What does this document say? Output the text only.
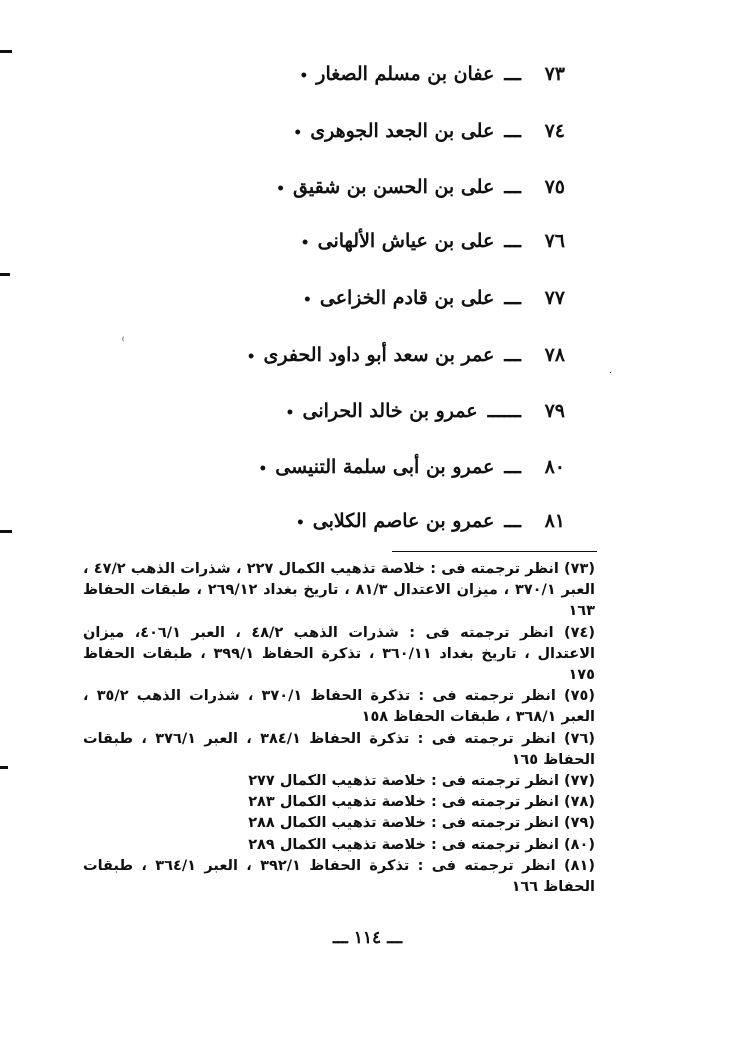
٧٣ـــعفان بن مسلم الصغار•
٧٤ـــعلى بن الجعد الجوهرى•
٧٥ـــعلى بن الحسن بن شقيق•
٧٦ـــعلى بن عياش الألهانى•
٧٧ـــعلى بن قادم الخزاعى•
٧٨ـــعمر بن سعد أبو داود الحفرى•
٧٩ــــــعمرو بن خالد الحرانى•
٨٠ـــعمرو بن أبى سلمة التنيسى•
٨١ـــعمرو بن عاصم الكلابى•
⁽
·

(٧٣) انظر ترجمته فى : خلاصة تذهيب الكمال ٢٢٧ ، شذرات الذهب ٤٧/٢ ، العبر ٣٧٠/١ ، ميزان الاعتدال ٨١/٣ ، تاريخ بغداد ٢٦٩/١٢ ، طبقات الحفاظ ١٦٣

(٧٤) انظر ترجمته فى : شذرات الذهب ٤٨/٢ ، العبر ٤٠٦/١، ميزان الاعتدال ، تاريخ بغداد ٣٦٠/١١ ، تذكرة الحفاظ ٣٩٩/١ ، طبقات الحفاظ ١٧٥

(٧٥) انظر ترجمته فى : تذكرة الحفاظ ٣٧٠/١ ، شذرات الذهب ٣٥/٢ ، العبر ٣٦٨/١ ، طبقات الحفاظ ١٥٨

(٧٦) انظر ترجمته فى : تذكرة الحفاظ ٣٨٤/١ ، العبر ٣٧٦/١ ، طبقات الحفاظ ١٦٥

(٧٧) انظر ترجمته فى : خلاصة تذهيب الكمال ٢٧٧

(٧٨) انظر ترجمته فى : خلاصة تذهيب الكمال ٢٨٣

(٧٩) انظر ترجمته فى : خلاصة تذهيب الكمال ٢٨٨

(٨٠) انظر ترجمته فى : خلاصة تذهيب الكمال ٢٨٩

(٨١) انظر ترجمته فى : تذكرة الحفاظ ٣٩٢/١ ، العبر ٣٦٤/١ ، طبقات الحفاظ ١٦٦

ـــ ١١٤ ـــ
